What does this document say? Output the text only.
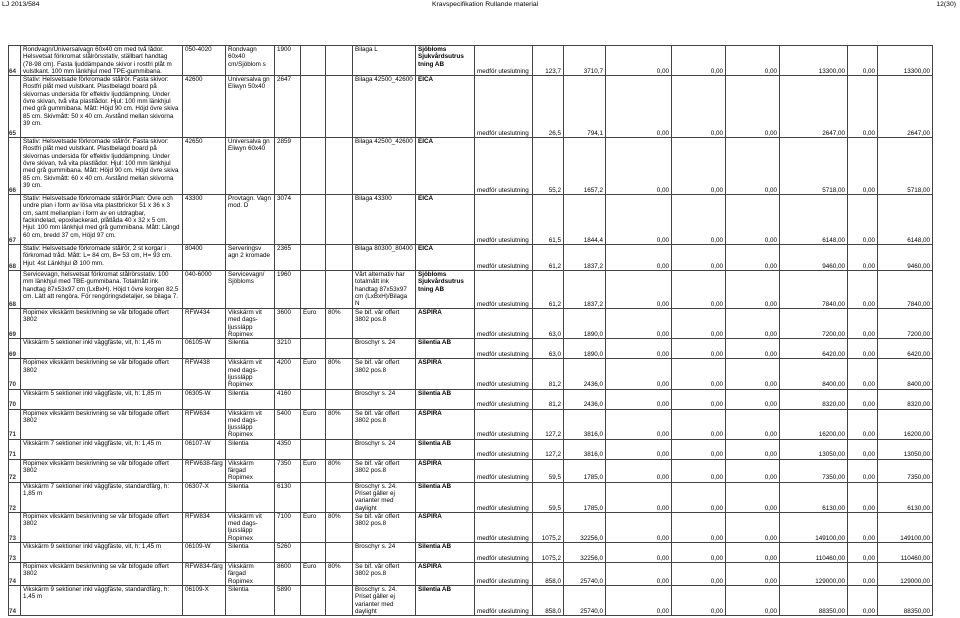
LJ 2013/584	Kravspecifikation Rullande material	12(30)
64	Rondvagn/Universalvagn 60x40 cm med två lådor. Helsvetsat förkromat stålrörsstativ, ställbart handtag (78-98 cm). Fasta ljuddämpande skivor i rostfri plåt m vulstkant. 100 mm länkhjul med TPE-gummibana.	050-4020	Rondvagn 60x40 cm/Sjöblom s	1900			Bilaga L	Sjöbloms Sjukvårdsutrus tning AB	medför uteslutning	123,7	3710,7	0,00	0,00	0,00	13300,00	0,00	13300,00
65	Stativ: Helsvetsade förkromade stålrör. Fasta skivor: Rostfri plåt med vulstkant. Plastbelagd board på skivornas undersida för effektiv ljuddämpning. Under övre skivan, två vita plastlådor. Hjul: 100 mm länkhjul med grå gummibana. Mått: Höjd 90 cm. Höjd övre skiva 85 cm. Skivmått: 50 x 40 cm. Avstånd mellan skivorna 39 cm.	42600	Universalva gn Eliwyn 50x40	2647			Bilaga 42500_42600	EICA	medför uteslutning	26,5	794,1	0,00	0,00	0,00	2647,00	0,00	2647,00
66	Stativ: Helsvetsade förkromade stålrör. Fasta skivor: Rostfri plåt med vulstkant. Plastbelagd board på skivornas undersida för effektiv ljuddämpning. Under övre skivan, två vita plastlådor. Hjul: 100 mm länkhjul med grå gummibana. Mått: Höjd 90 cm. Höjd övre skiva 85 cm. Skivmått: 60 x 40 cm. Avstånd mellan skivorna 39 cm.	42650	Universalva gn Eliwyn 60x40	2859			Bilaga 42500_42600	EICA	medför uteslutning	55,2	1657,2	0,00	0,00	0,00	5718,00	0,00	5718,00
67	Stativ: Helsvetsade förkromade stålrör.Plan: Övre och undre plan i form av lösa vita plastbrickor 51 x 36 x 3 cm, samt mellanplan i form av en utdragbar, fackindelad, epoxilackerad, plåtlåda 40 x 32 x 5 cm. Hjul: 100 mm länkhjul med grå gummibana. Mått: Längd 60 cm, bredd 37 cm, Höjd 97 cm.	43300	Provtagn. Vagn mod. D	3074			Bilaga 43300	EICA	medför uteslutning	61,5	1844,4	0,00	0,00	0,00	6148,00	0,00	6148,00
68	Stativ: Helsvetsade förkromade stålrör, 2 st korgar i förkromad tråd. Mått: L= 84 cm, B= 53 cm, H= 93 cm. Hjul: 4st Länkhjul Ø 100 mm.	80400	Serveringsv agn 2 kromade	2365			Bilaga 80300_80400	EICA	medför uteslutning	61,2	1837,2	0,00	0,00	0,00	9460,00	0,00	9460,00
68	Servicevagn, helsvetsat förkromat stålrörsstativ. 100 mm länkhjul med TBE-gummibana. Totalmått ink handtag 87x53x97 cm (LxBxH). Höjd t övre korgen 82,5 cm. Lätt att rengöra. För rengöringsdetaljer, se bilaga 7.	040-6000	Servicevagn/ Sjöbloms	1960			Vårt alternativ har totalmått ink handtag 87x53x97 cm (LxBxH)/Bilaga N	Sjöbloms Sjukvårdsutrus tning AB	medför uteslutning	61,2	1837,2	0,00	0,00	0,00	7840,00	0,00	7840,00
69	Ropimex vikskärm beskrivning se vår bifogade offert 3802	RFW434	Vikskärm vit med dags-ljussläpp Ropimex	3600	Euro	80%	Se bif. vår offert 3802 pos.8	ASPIRA	medför uteslutning	63,0	1890,0	0,00	0,00	0,00	7200,00	0,00	7200,00
69	Vikskärm 5 sektioner inkl väggfäste, vit, h: 1,45 m	06105-W	Silentia	3210			Broschyr s. 24	Silentia AB	medför uteslutning	63,0	1890,0	0,00	0,00	0,00	6420,00	0,00	6420,00
70	Ropimex vikskärm beskrivning se vår bifogade offert 3802	RFW438	Vikskärm vit med dags-ljussläpp Ropimex	4200	Euro	80%	Se bif. vår offert 3802 pos.8	ASPIRA	medför uteslutning	81,2	2436,0	0,00	0,00	0,00	8400,00	0,00	8400,00
70	Vikskärm 5 sektioner inkl väggfäste, vit, h: 1,85 m	06305-W	Silentia	4160			Broschyr s. 24	Silentia AB	medför uteslutning	81,2	2436,0	0,00	0,00	0,00	8320,00	0,00	8320,00
71	Ropimex vikskärm beskrivning se vår bifogade offert 3802	RFW634	Vikskärm vit med dags-ljussläpp Ropimex	5400	Euro	80%	Se bif. vår offert 3802 pos.8	ASPIRA	medför uteslutning	127,2	3816,0	0,00	0,00	0,00	16200,00	0,00	16200,00
71	Vikskärm 7 sektioner inkl väggfäste, vit, h: 1,45 m	06107-W	Silentia	4350			Broschyr s. 24	Silentia AB	medför uteslutning	127,2	3816,0	0,00	0,00	0,00	13050,00	0,00	13050,00
72	Ropimex vikskärm beskrivning se vår bifogade offert 3802	RFW638-färg	Vikskärm färgad Ropimex	7350	Euro	80%	Se bif. vår offert 3802 pos.8	ASPIRA	medför uteslutning	59,5	1785,0	0,00	0,00	0,00	7350,00	0,00	7350,00
72	Vikskärm 7 sektioner inkl väggfäste, standardfärg, h: 1,85 m	06307-X	Silentia	6130			Broschyr s. 24. Priset gäller ej varianter med daylight	Silentia AB	medför uteslutning	59,5	1785,0	0,00	0,00	0,00	6130,00	0,00	6130,00
73	Ropimex vikskärm beskrivning se vår bifogade offert 3802	RFW834	Vikskärm vit med dags-ljussläpp Ropimex	7100	Euro	80%	Se bif. vår offert 3802 pos.8	ASPIRA	medför uteslutning	1075,2	32256,0	0,00	0,00	0,00	149100,00	0,00	149100,00
73	Vikskärm 9 sektioner inkl väggfäste, vit, h: 1,45 m	06109-W	Silentia	5260			Broschyr s. 24	Silentia AB	medför uteslutning	1075,2	32256,0	0,00	0,00	0,00	110460,00	0,00	110460,00
74	Ropimex vikskärm beskrivning se vår bifogade offert 3802	RFW834-färg	Vikskärm färgad Ropimex	8600	Euro	80%	Se bif. vår offert 3802 pos.8	ASPIRA	medför uteslutning	858,0	25740,0	0,00	0,00	0,00	129000,00	0,00	129000,00
74	Vikskärm 9 sektioner inkl väggfäste, standardfärg, h: 1,45 m	06109-X	Silentia	5890			Broschyr s. 24. Priset gäller ej varianter med daylight	Silentia AB	medför uteslutning	858,0	25740,0	0,00	0,00	0,00	88350,00	0,00	88350,00
